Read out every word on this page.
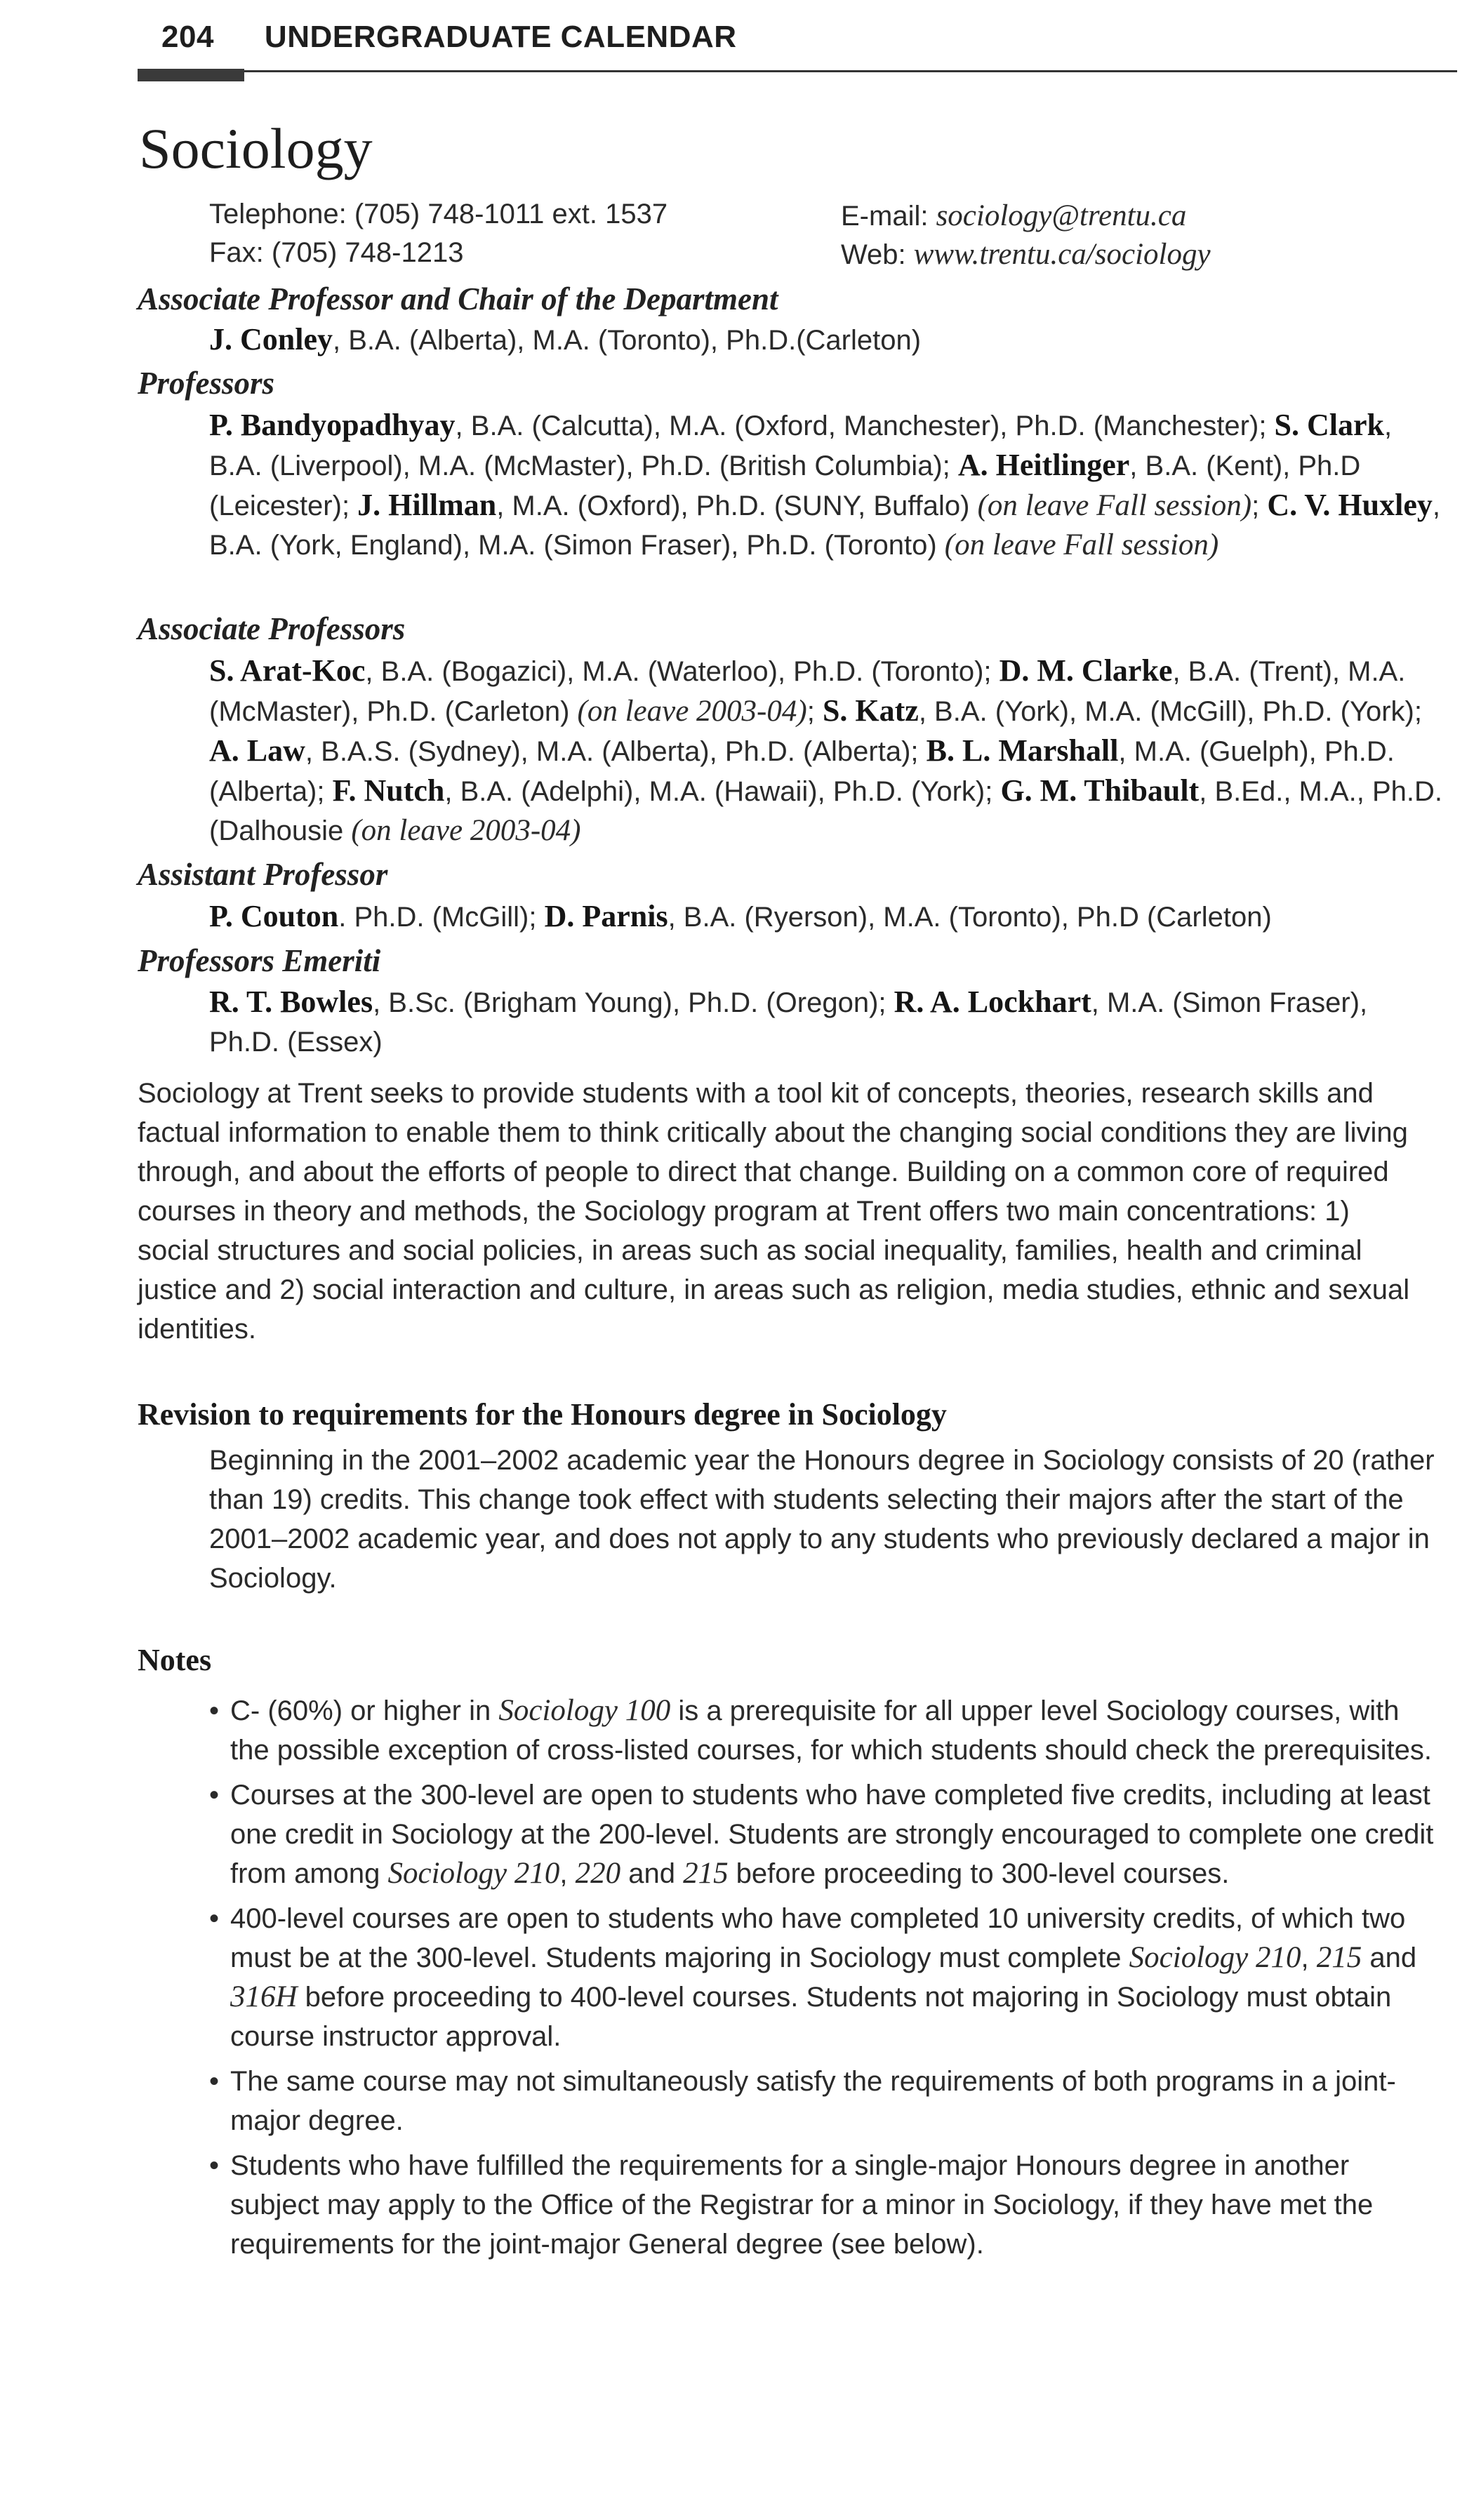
204 UNDERGRADUATE CALENDAR
Sociology
Telephone: (705) 748-1011 ext. 1537
Fax: (705) 748-1213
E-mail: sociology@trentu.ca
Web: www.trentu.ca/sociology
Associate Professor and Chair of the Department
J. Conley, B.A. (Alberta), M.A. (Toronto), Ph.D.(Carleton)
Professors
P. Bandyopadhyay, B.A. (Calcutta), M.A. (Oxford, Manchester), Ph.D. (Manchester); S. Clark, B.A. (Liverpool), M.A. (McMaster), Ph.D. (British Columbia); A. Heitlinger, B.A. (Kent), Ph.D (Leicester); J. Hillman, M.A. (Oxford), Ph.D. (SUNY, Buffalo) (on leave Fall session); C. V. Huxley, B.A. (York, England), M.A. (Simon Fraser), Ph.D. (Toronto) (on leave Fall session)
Associate Professors
S. Arat-Koc, B.A. (Bogazici), M.A. (Waterloo), Ph.D. (Toronto); D. M. Clarke, B.A. (Trent), M.A. (McMaster), Ph.D. (Carleton) (on leave 2003-04); S. Katz, B.A. (York), M.A. (McGill), Ph.D. (York); A. Law, B.A.S. (Sydney), M.A. (Alberta), Ph.D. (Alberta); B. L. Marshall, M.A. (Guelph), Ph.D. (Alberta); F. Nutch, B.A. (Adelphi), M.A. (Hawaii), Ph.D. (York); G. M. Thibault, B.Ed., M.A., Ph.D. (Dalhousie (on leave 2003-04)
Assistant Professor
P. Couton. Ph.D. (McGill); D. Parnis, B.A. (Ryerson), M.A. (Toronto), Ph.D (Carleton)
Professors Emeriti
R. T. Bowles, B.Sc. (Brigham Young), Ph.D. (Oregon); R. A. Lockhart, M.A. (Simon Fraser), Ph.D. (Essex)

Sociology at Trent seeks to provide students with a tool kit of concepts, theories, research skills and factual information to enable them to think critically about the changing social conditions they are living through, and about the efforts of people to direct that change. Building on a common core of required courses in theory and methods, the Sociology program at Trent offers two main concentrations: 1) social structures and social policies, in areas such as social inequality, families, health and criminal justice and 2) social interaction and culture, in areas such as religion, media studies, ethnic and sexual identities.

Revision to requirements for the Honours degree in Sociology

Beginning in the 2001–2002 academic year the Honours degree in Sociology consists of 20 (rather than 19) credits. This change took effect with students selecting their majors after the start of the 2001–2002 academic year, and does not apply to any students who previously declared a major in Sociology.

Notes
• C- (60%) or higher in Sociology 100 is a prerequisite for all upper level Sociology courses, with the possible exception of cross-listed courses, for which students should check the prerequisites.
• Courses at the 300-level are open to students who have completed five credits, including at least one credit in Sociology at the 200-level. Students are strongly encouraged to complete one credit from among Sociology 210, 220 and 215 before proceeding to 300-level courses.
• 400-level courses are open to students who have completed 10 university credits, of which two must be at the 300-level. Students majoring in Sociology must complete Sociology 210, 215 and 316H before proceeding to 400-level courses. Students not majoring in Sociology must obtain course instructor approval.
• The same course may not simultaneously satisfy the requirements of both programs in a joint-major degree.
• Students who have fulfilled the requirements for a single-major Honours degree in another subject may apply to the Office of the Registrar for a minor in Sociology, if they have met the requirements for the joint-major General degree (see below).
